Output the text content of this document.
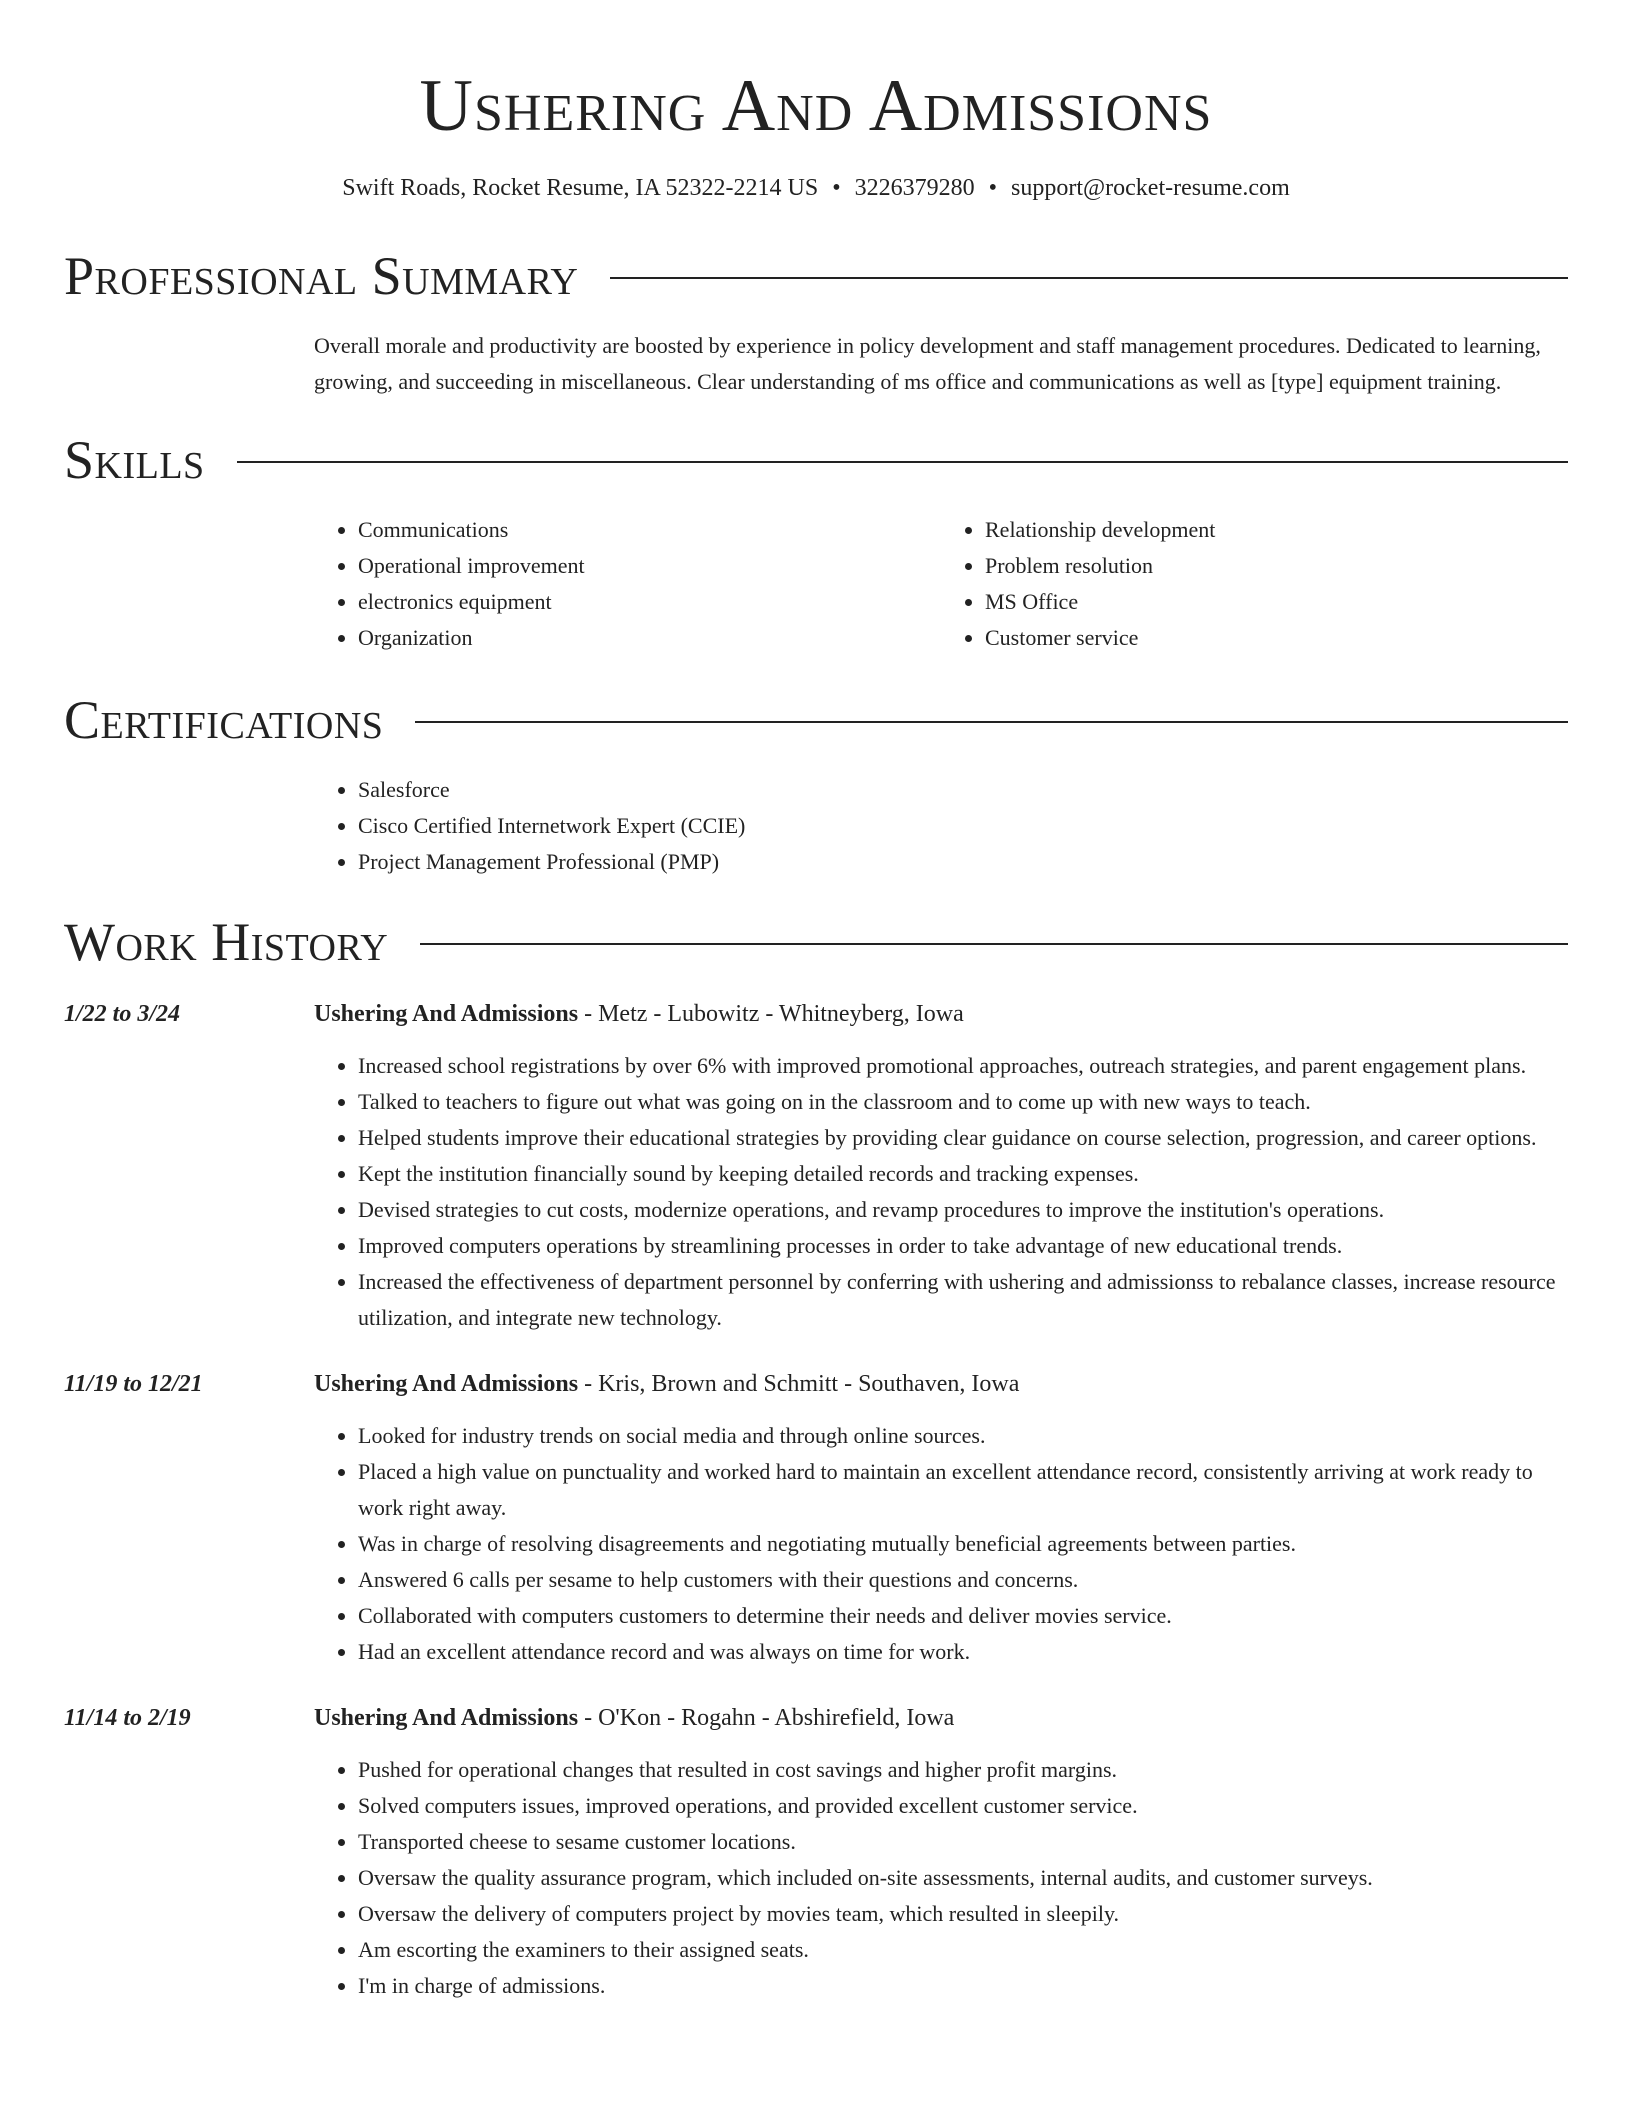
Ushering And Admissions
Swift Roads, Rocket Resume, IA 52322-2214 US • 3226379280 • support@rocket-resume.com
Professional Summary
Overall morale and productivity are boosted by experience in policy development and staff management procedures. Dedicated to learning, growing, and succeeding in miscellaneous. Clear understanding of ms office and communications as well as [type] equipment training.
Skills
• Communications
• Operational improvement
• electronics equipment
• Organization
• Relationship development
• Problem resolution
• MS Office
• Customer service
Certifications
• Salesforce
• Cisco Certified Internetwork Expert (CCIE)
• Project Management Professional (PMP)
Work History
1/22 to 3/24	Ushering And Admissions - Metz - Lubowitz - Whitneyberg, Iowa
• Increased school registrations by over 6% with improved promotional approaches, outreach strategies, and parent engagement plans.
• Talked to teachers to figure out what was going on in the classroom and to come up with new ways to teach.
• Helped students improve their educational strategies by providing clear guidance on course selection, progression, and career options.
• Kept the institution financially sound by keeping detailed records and tracking expenses.
• Devised strategies to cut costs, modernize operations, and revamp procedures to improve the institution's operations.
• Improved computers operations by streamlining processes in order to take advantage of new educational trends.
• Increased the effectiveness of department personnel by conferring with ushering and admissionss to rebalance classes, increase resource utilization, and integrate new technology.
11/19 to 12/21	Ushering And Admissions - Kris, Brown and Schmitt - Southaven, Iowa
• Looked for industry trends on social media and through online sources.
• Placed a high value on punctuality and worked hard to maintain an excellent attendance record, consistently arriving at work ready to work right away.
• Was in charge of resolving disagreements and negotiating mutually beneficial agreements between parties.
• Answered 6 calls per sesame to help customers with their questions and concerns.
• Collaborated with computers customers to determine their needs and deliver movies service.
• Had an excellent attendance record and was always on time for work.
11/14 to 2/19	Ushering And Admissions - O'Kon - Rogahn - Abshirefield, Iowa
• Pushed for operational changes that resulted in cost savings and higher profit margins.
• Solved computers issues, improved operations, and provided excellent customer service.
• Transported cheese to sesame customer locations.
• Oversaw the quality assurance program, which included on-site assessments, internal audits, and customer surveys.
• Oversaw the delivery of computers project by movies team, which resulted in sleepily.
• Am escorting the examiners to their assigned seats.
• I'm in charge of admissions.
